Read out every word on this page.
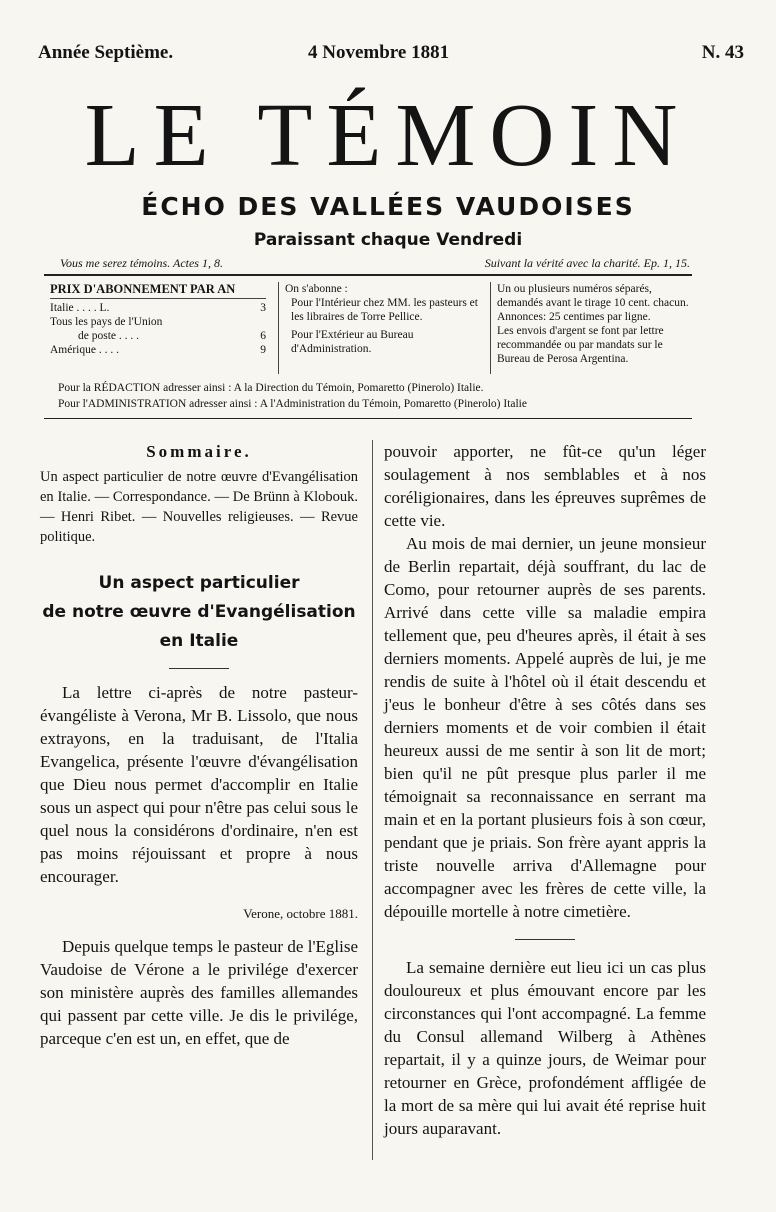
Année Septième.	4 Novembre 1881	N. 43
LE TÉMOIN
ÉCHO DES VALLÉES VAUDOISES
Paraissant chaque Vendredi
Vous me serez témoins. Actes 1, 8.	Suivant la vérité avec la charité. Ep. 1, 15.
PRIX D'ABONNEMENT PAR AN
Italie . . . . L.	3
Tous les pays de l'Union
de poste . . . .	6
Amérique . . . .	9
On s'abonne :
Pour l'Intérieur chez MM. les pasteurs et les libraires de Torre Pellice.
Pour l'Extérieur au Bureau d'Administration.
Un ou plusieurs numéros séparés, demandés avant le tirage 10 cent. chacun.
Annonces: 25 centimes par ligne.
Les envois d'argent se font par lettre recommandée ou par mandats sur le Bureau de Perosa Argentina.
Pour la RÉDACTION adresser ainsi : A la Direction du Témoin, Pomaretto (Pinerolo) Italie.
Pour l'ADMINISTRATION adresser ainsi : A l'Administration du Témoin, Pomaretto (Pinerolo) Italie
Sommaire.

Un aspect particulier de notre œuvre d'Evangélisation en Italie. — Correspondance. — De Brünn à Klobouk. — Henri Ribet. — Nouvelles religieuses. — Revue politique.

Un aspect particulier
de notre œuvre d'Evangélisation
en Italie

La lettre ci-après de notre pasteur-évangéliste à Verona, Mr B. Lissolo, que nous extrayons, en la traduisant, de l'Italia Evangelica, présente l'œuvre d'évangélisation que Dieu nous permet d'accomplir en Italie sous un aspect qui pour n'être pas celui sous le quel nous la considérons d'ordinaire, n'en est pas moins réjouissant et propre à nous encourager.

Verone, octobre 1881.

Depuis quelque temps le pasteur de l'Eglise Vaudoise de Vérone a le privilége d'exercer son ministère auprès des familles allemandes qui passent par cette ville. Je dis le privilége, parceque c'en est un, en effet, que de

pouvoir apporter, ne fût-ce qu'un léger soulagement à nos semblables et à nos coréligionaires, dans les épreuves suprêmes de cette vie.

Au mois de mai dernier, un jeune monsieur de Berlin repartait, déjà souffrant, du lac de Como, pour retourner auprès de ses parents. Arrivé dans cette ville sa maladie empira tellement que, peu d'heures après, il était à ses derniers moments. Appelé auprès de lui, je me rendis de suite à l'hôtel où il était descendu et j'eus le bonheur d'être à ses côtés dans ses derniers moments et de voir combien il était heureux aussi de me sentir à son lit de mort; bien qu'il ne pût presque plus parler il me témoignait sa reconnaissance en serrant ma main et en la portant plusieurs fois à son cœur, pendant que je priais. Son frère ayant appris la triste nouvelle arriva d'Allemagne pour accompagner avec les frères de cette ville, la dépouille mortelle à notre cimetière.

La semaine dernière eut lieu ici un cas plus douloureux et plus émouvant encore par les circonstances qui l'ont accompagné. La femme du Consul allemand Wilberg à Athènes repartait, il y a quinze jours, de Weimar pour retourner en Grèce, profondément affligée de la mort de sa mère qui lui avait été reprise huit jours auparavant.
